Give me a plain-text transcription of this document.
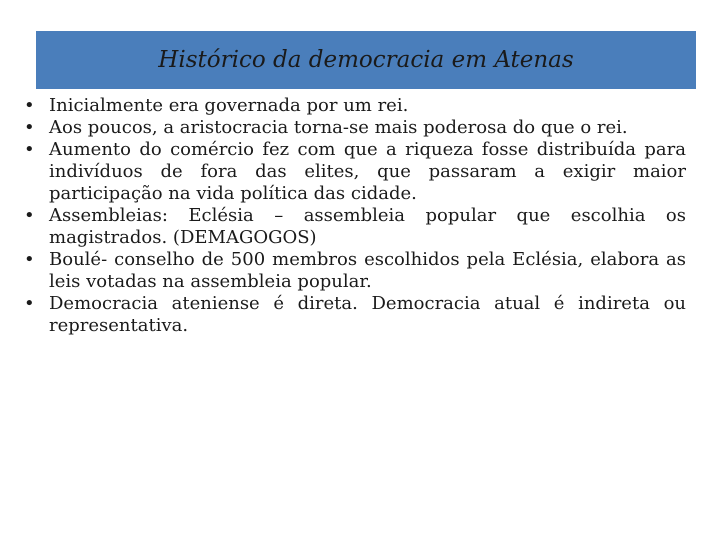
Histórico da democracia em Atenas
• Inicialmente era governada por um rei.
• Aos poucos, a aristocracia torna-se mais poderosa do que o rei.
• Aumento do comércio fez com que a riqueza fosse distribuída para indivíduos de fora das elites, que passaram a exigir maior participação na vida política das cidade.
• Assembleias: Eclésia – assembleia popular que escolhia os magistrados. (DEMAGOGOS)
• Boulé- conselho de 500 membros escolhidos pela Eclésia, elabora as leis votadas na assembleia popular.
• Democracia ateniense é direta. Democracia atual é indireta ou representativa.
